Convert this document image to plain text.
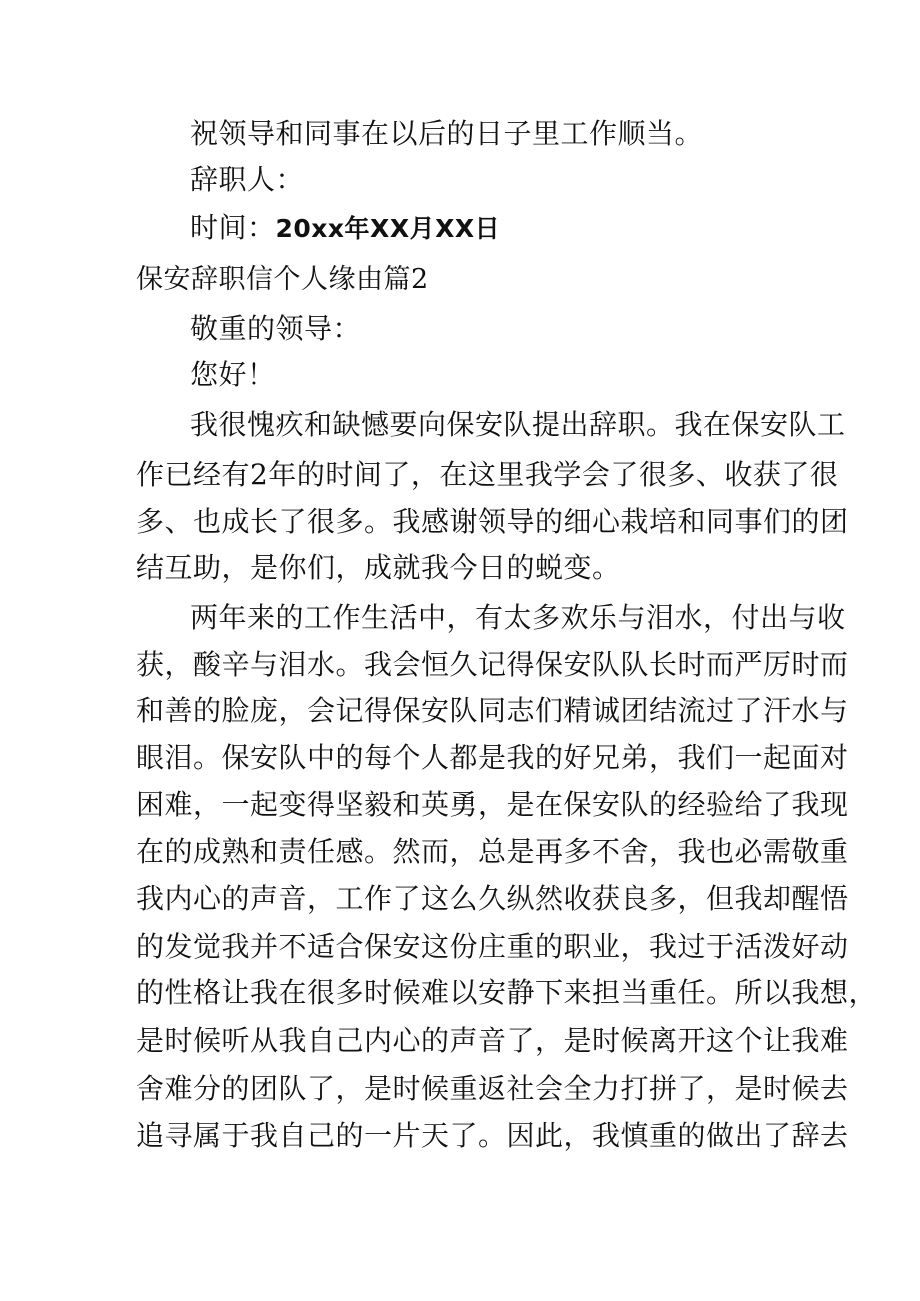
祝领导和同事在以后的日子里工作顺当。
辞职人：
时间：20xx年XX月XX日
保安辞职信个人缘由篇2
敬重的领导：
您好！
我很愧疚和缺憾要向保安队提出辞职。我在保安队工
作已经有2年的时间了，在这里我学会了很多、收获了很
多、也成长了很多。我感谢领导的细心栽培和同事们的团
结互助，是你们，成就我今日的蜕变。
两年来的工作生活中，有太多欢乐与泪水，付出与收
获，酸辛与泪水。我会恒久记得保安队队长时而严厉时而
和善的脸庞，会记得保安队同志们精诚团结流过了汗水与
眼泪。保安队中的每个人都是我的好兄弟，我们一起面对
困难，一起变得坚毅和英勇，是在保安队的经验给了我现
在的成熟和责任感。然而，总是再多不舍，我也必需敬重
我内心的声音，工作了这么久纵然收获良多，但我却醒悟
的发觉我并不适合保安这份庄重的职业，我过于活泼好动
的性格让我在很多时候难以安静下来担当重任。所以我想，
是时候听从我自己内心的声音了，是时候离开这个让我难
舍难分的团队了，是时候重返社会全力打拼了，是时候去
追寻属于我自己的一片天了。因此，我慎重的做出了辞去
